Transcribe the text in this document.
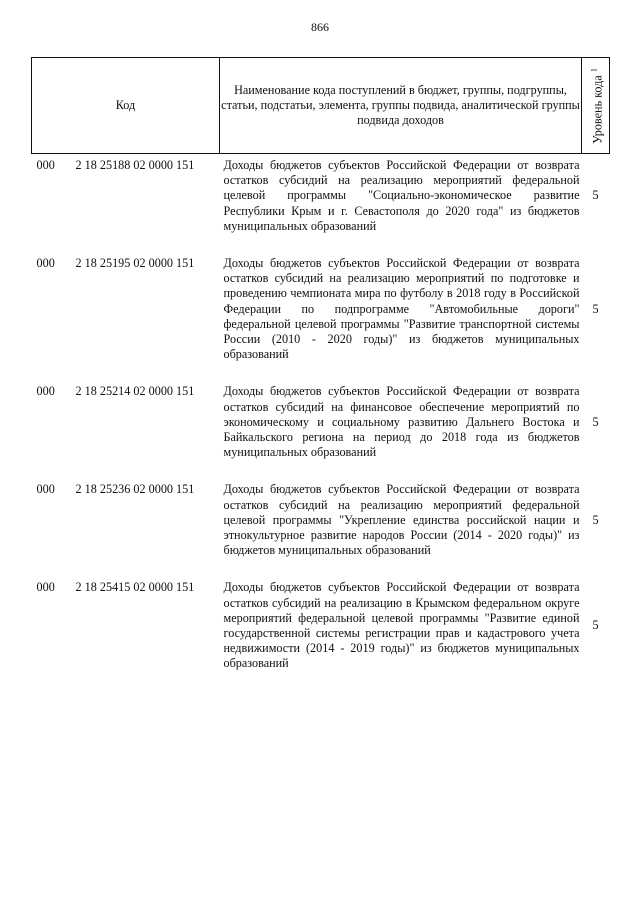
866
Код		Наименование кода поступлений в бюджет, группы, подгруппы, статьи, подстатьи, элемента, группы подвида, аналитической группы подвида доходов	Уровень кода $^1$

000	2 18 25188 02 0000 151	Доходы бюджетов субъектов Российской Федерации от возврата остатков субсидий на реализацию мероприятий федеральной целевой программы "Социально-экономическое развитие Республики Крым и г. Севастополя до 2020 года" из бюджетов муниципальных образований	5
000	2 18 25195 02 0000 151	Доходы бюджетов субъектов Российской Федерации от возврата остатков субсидий на реализацию мероприятий по подготовке и проведению чемпионата мира по футболу в 2018 году в Российской Федерации по подпрограмме "Автомобильные дороги" федеральной целевой программы "Развитие транспортной системы России (2010 - 2020 годы)" из бюджетов муниципальных образований	5
000	2 18 25214 02 0000 151	Доходы бюджетов субъектов Российской Федерации от возврата остатков субсидий на финансовое обеспечение мероприятий по экономическому и социальному развитию Дальнего Востока и Байкальского региона на период до 2018 года из бюджетов муниципальных образований	5
000	2 18 25236 02 0000 151	Доходы бюджетов субъектов Российской Федерации от возврата остатков субсидий на реализацию мероприятий федеральной целевой программы "Укрепление единства российской нации и этнокультурное развитие народов России (2014 - 2020 годы)" из бюджетов муниципальных образований	5
000	2 18 25415 02 0000 151	Доходы бюджетов субъектов Российской Федерации от возврата остатков субсидий на реализацию в Крымском федеральном округе мероприятий федеральной целевой программы "Развитие единой государственной системы регистрации прав и кадастрового учета недвижимости (2014 - 2019 годы)" из бюджетов муниципальных образований	5
